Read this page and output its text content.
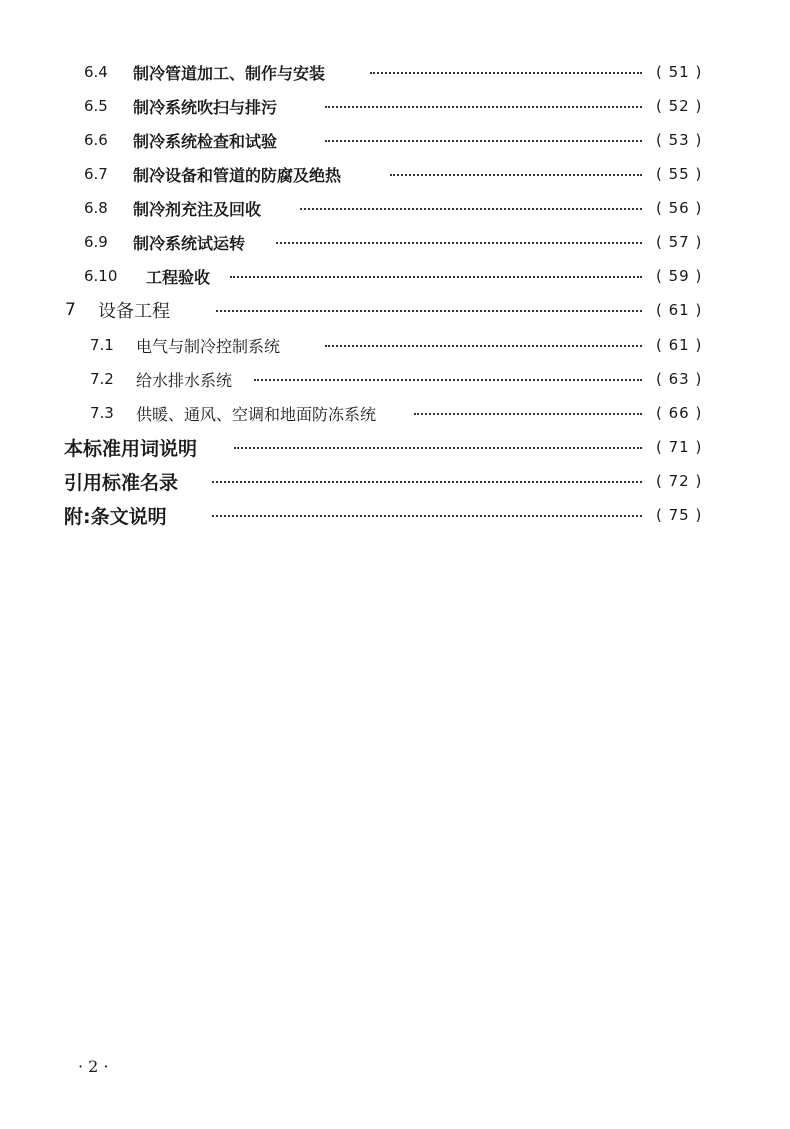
6.4 制冷管道加工、制作与安装	( 51 )
6.5 制冷系统吹扫与排污	( 52 )
6.6 制冷系统检查和试验	( 53 )
6.7 制冷设备和管道的防腐及绝热	( 55 )
6.8 制冷剂充注及回收	( 56 )
6.9 制冷系统试运转	( 57 )
6.10 工程验收	( 59 )
7 设备工程	( 61 )
7.1 电气与制冷控制系统	( 61 )
7.2 给水排水系统	( 63 )
7.3 供暖、通风、空调和地面防冻系统	( 66 )
本标准用词说明	( 71 )
引用标准名录	( 72 )
附:条文说明	( 75 )
· 2 ·
